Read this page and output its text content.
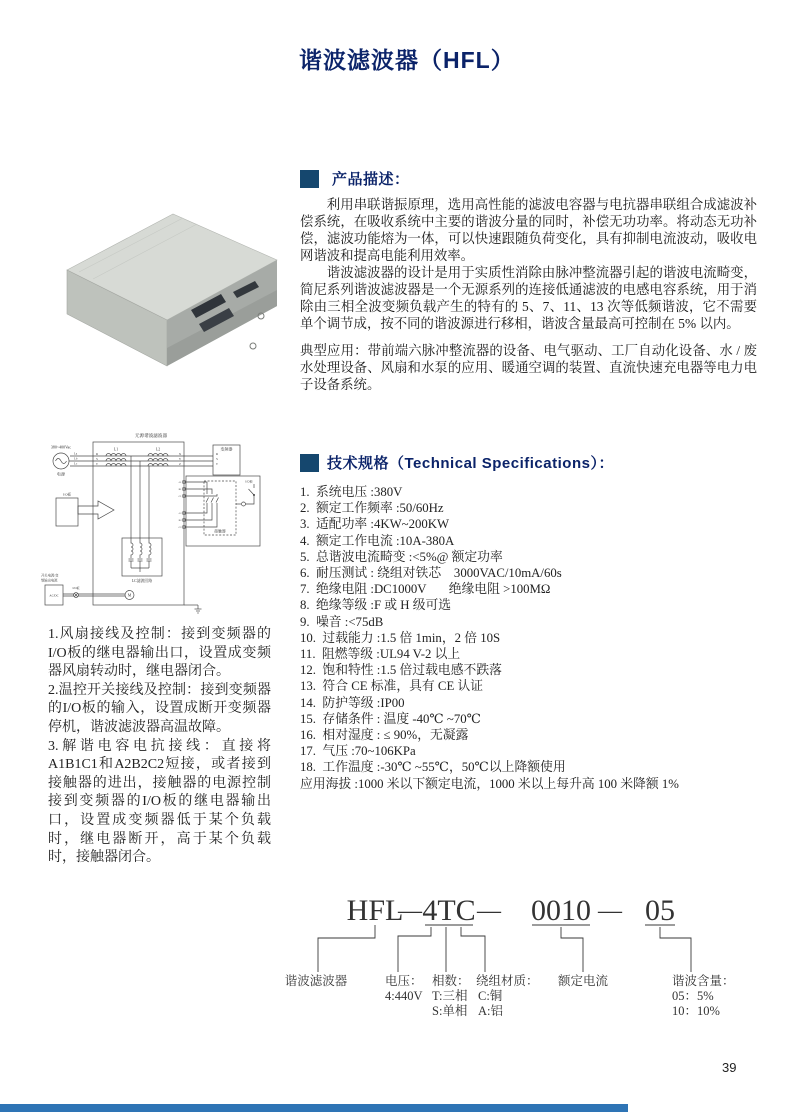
谐波滤波器（HFL）
产品描述：

利用串联谐振原理，选用高性能的滤波电容器与电抗器串联组合成滤波补偿系统，在吸收系统中主要的谐波分量的同时，补偿无功功率。将动态无功补偿，滤波功能熔为一体，可以快速跟随负荷变化，具有抑制电流波动，吸收电网谐波和提高电能利用效率。

谐波滤波器的设计是用于实质性消除由脉冲整流器引起的谐波电流畸变，简尼系列谐波滤波器是一个无源系列的连接低通滤波的电感电容系统，用于消除由三相全波变频负载产生的特有的 5、7、11、13 次等低频谐波，它不需要单个调节成，按不同的谐波源进行移相，谐波含量最高可控制在 5% 以内。

典型应用：带前端六脉冲整流器的设备、电气驱动、工厂自动化设备、水 / 废水处理设备、风扇和水泵的应用、暖通空调的装置、直流快速充电器等电力电子设备系统。

无源谐波滤波器
380~400Vac
电源
La
Lb
Lc
R
S
T
L1	L2
X
Y
Z
变频器
R
S
T
接触器
A1
B1
C1
A2
B2
C2
I/O板
LC滤波回路
I/O板
AC/DC
开关电源/变
频输出电源
I/O板
M
1.风扇接线及控制：接到变频器的I/O板的继电器输出口，设置成变频器风扇转动时，继电器闭合。
2.温控开关接线及控制：接到变频器的I/O板的输入，设置成断开变频器停机，谐波滤波器高温故障。
3.解谐电容电抗接线：直接将A1B1C1和A2B2C2短接，或者接到接触器的进出，接触器的电源控制接到变频器的I/O板的继电器输出口，设置成变频器低于某个负载时，继电器断开，高于某个负载时，接触器闭合。
技术规格（Technical Specifications）：
1.  系统电压 :380V
2.  额定工作频率 :50/60Hz
3.  适配功率 :4KW~200KW
4.  额定工作电流 :10A-380A
5.  总谐波电流畸变 :<5%@ 额定功率
6.  耐压测试 : 绕组对铁芯    3000VAC/10mA/60s
7.  绝缘电阻 :DC1000V       绝缘电阻 >100MΩ
8.  绝缘等级 :F 或 H 级可选
9.  噪音 :<75dB
10.  过载能力 :1.5 倍 1min，2 倍 10S
11.  阻燃等级 :UL94 V-2 以上
12.  饱和特性 :1.5 倍过载电感不跌落
13.  符合 CE 标准，具有 CE 认证
14.  防护等级 :IP00
15.  存储条件 : 温度 -40℃ ~70℃
16.  相对湿度 : ≤ 90%，无凝露
17.  气压 :70~106KPa
18.  工作温度 :-30℃ ~55℃，50℃以上降额使用
应用海拔 :1000 米以下额定电流，1000 米以上每升高 100 米降额 1%
HFL
— 4TC — 0010 — 05
谐波滤波器	电压：
4:440V
相数：
T:三相
S:单相
绕组材质：
C:铜
A:铝
额定电流	谐波含量：
05：5%
10：10%
39
